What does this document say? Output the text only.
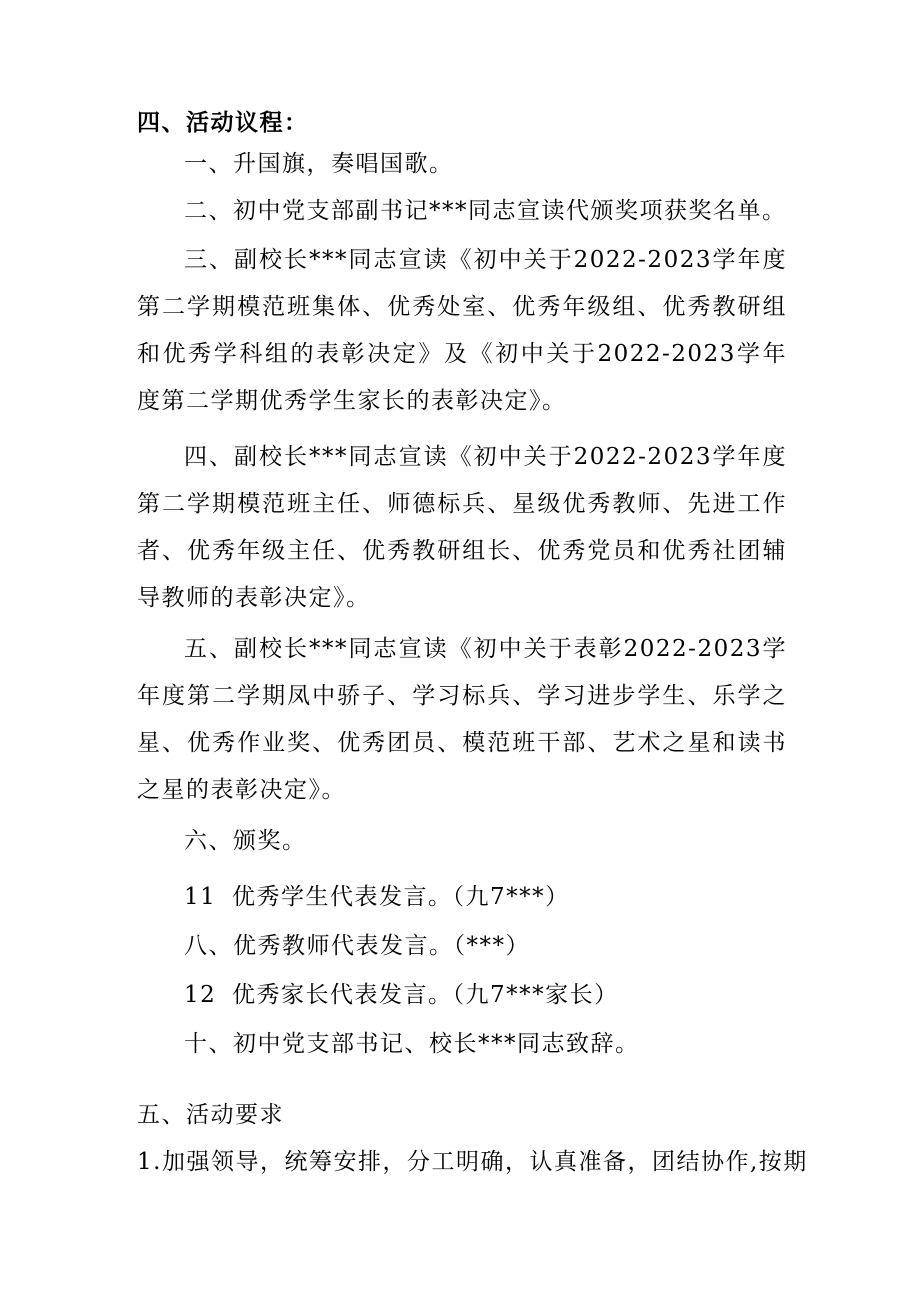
四、活动议程：
一、升国旗，奏唱国歌。
二、初中党支部副书记***同志宣读代颁奖项获奖名单。
三、副校长***同志宣读《初中关于2022-2023学年度第二学期模范班集体、优秀处室、优秀年级组、优秀教研组和优秀学科组的表彰决定》及《初中关于2022-2023学年度第二学期优秀学生家长的表彰决定》。
四、副校长***同志宣读《初中关于2022-2023学年度第二学期模范班主任、师德标兵、星级优秀教师、先进工作者、优秀年级主任、优秀教研组长、优秀党员和优秀社团辅导教师的表彰决定》。
五、副校长***同志宣读《初中关于表彰2022-2023学年度第二学期凤中骄子、学习标兵、学习进步学生、乐学之星、优秀作业奖、优秀团员、模范班干部、艺术之星和读书之星的表彰决定》。
六、颁奖。
11 优秀学生代表发言。（九7***）
八、优秀教师代表发言。（***）
12 优秀家长代表发言。（九7***家长）
十、初中党支部书记、校长***同志致辞。
五、活动要求
1.加强领导，统筹安排，分工明确，认真准备，团结协作,按期
